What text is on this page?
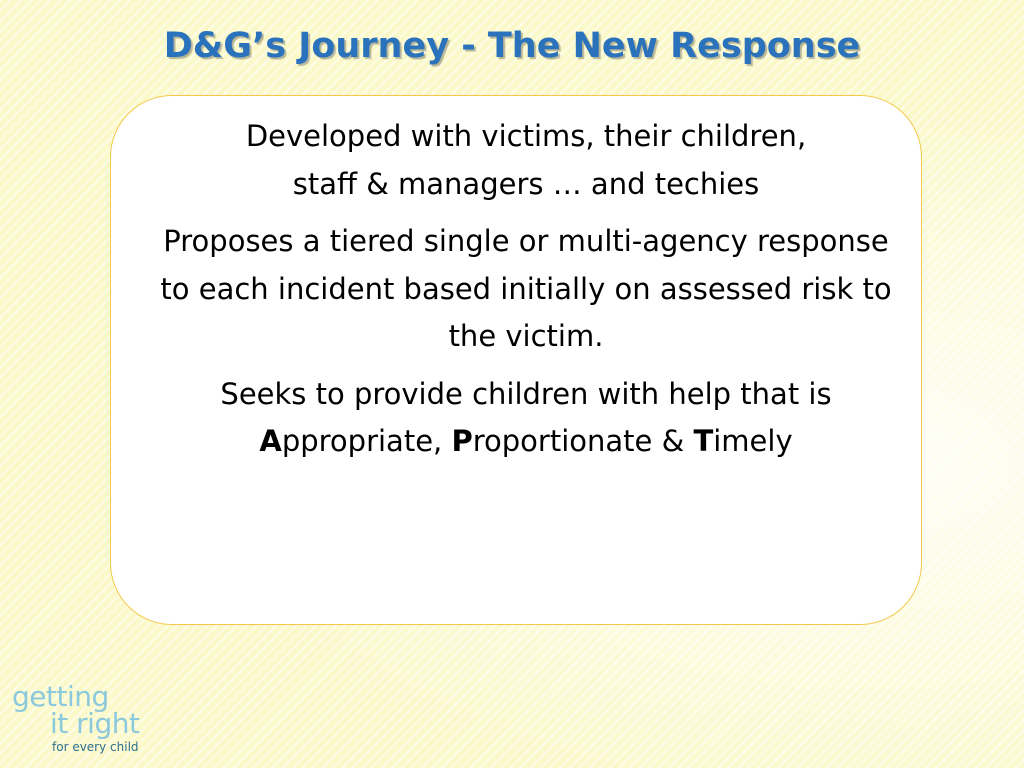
D&G’s Journey - The New Response

Developed with victims, their children, staff & managers … and techies

Proposes a tiered single or multi-agency response to each incident based initially on assessed risk to the victim.

Seeks to provide children with help that is Appropriate, Proportionate & Timely

getting
it right
for every child
